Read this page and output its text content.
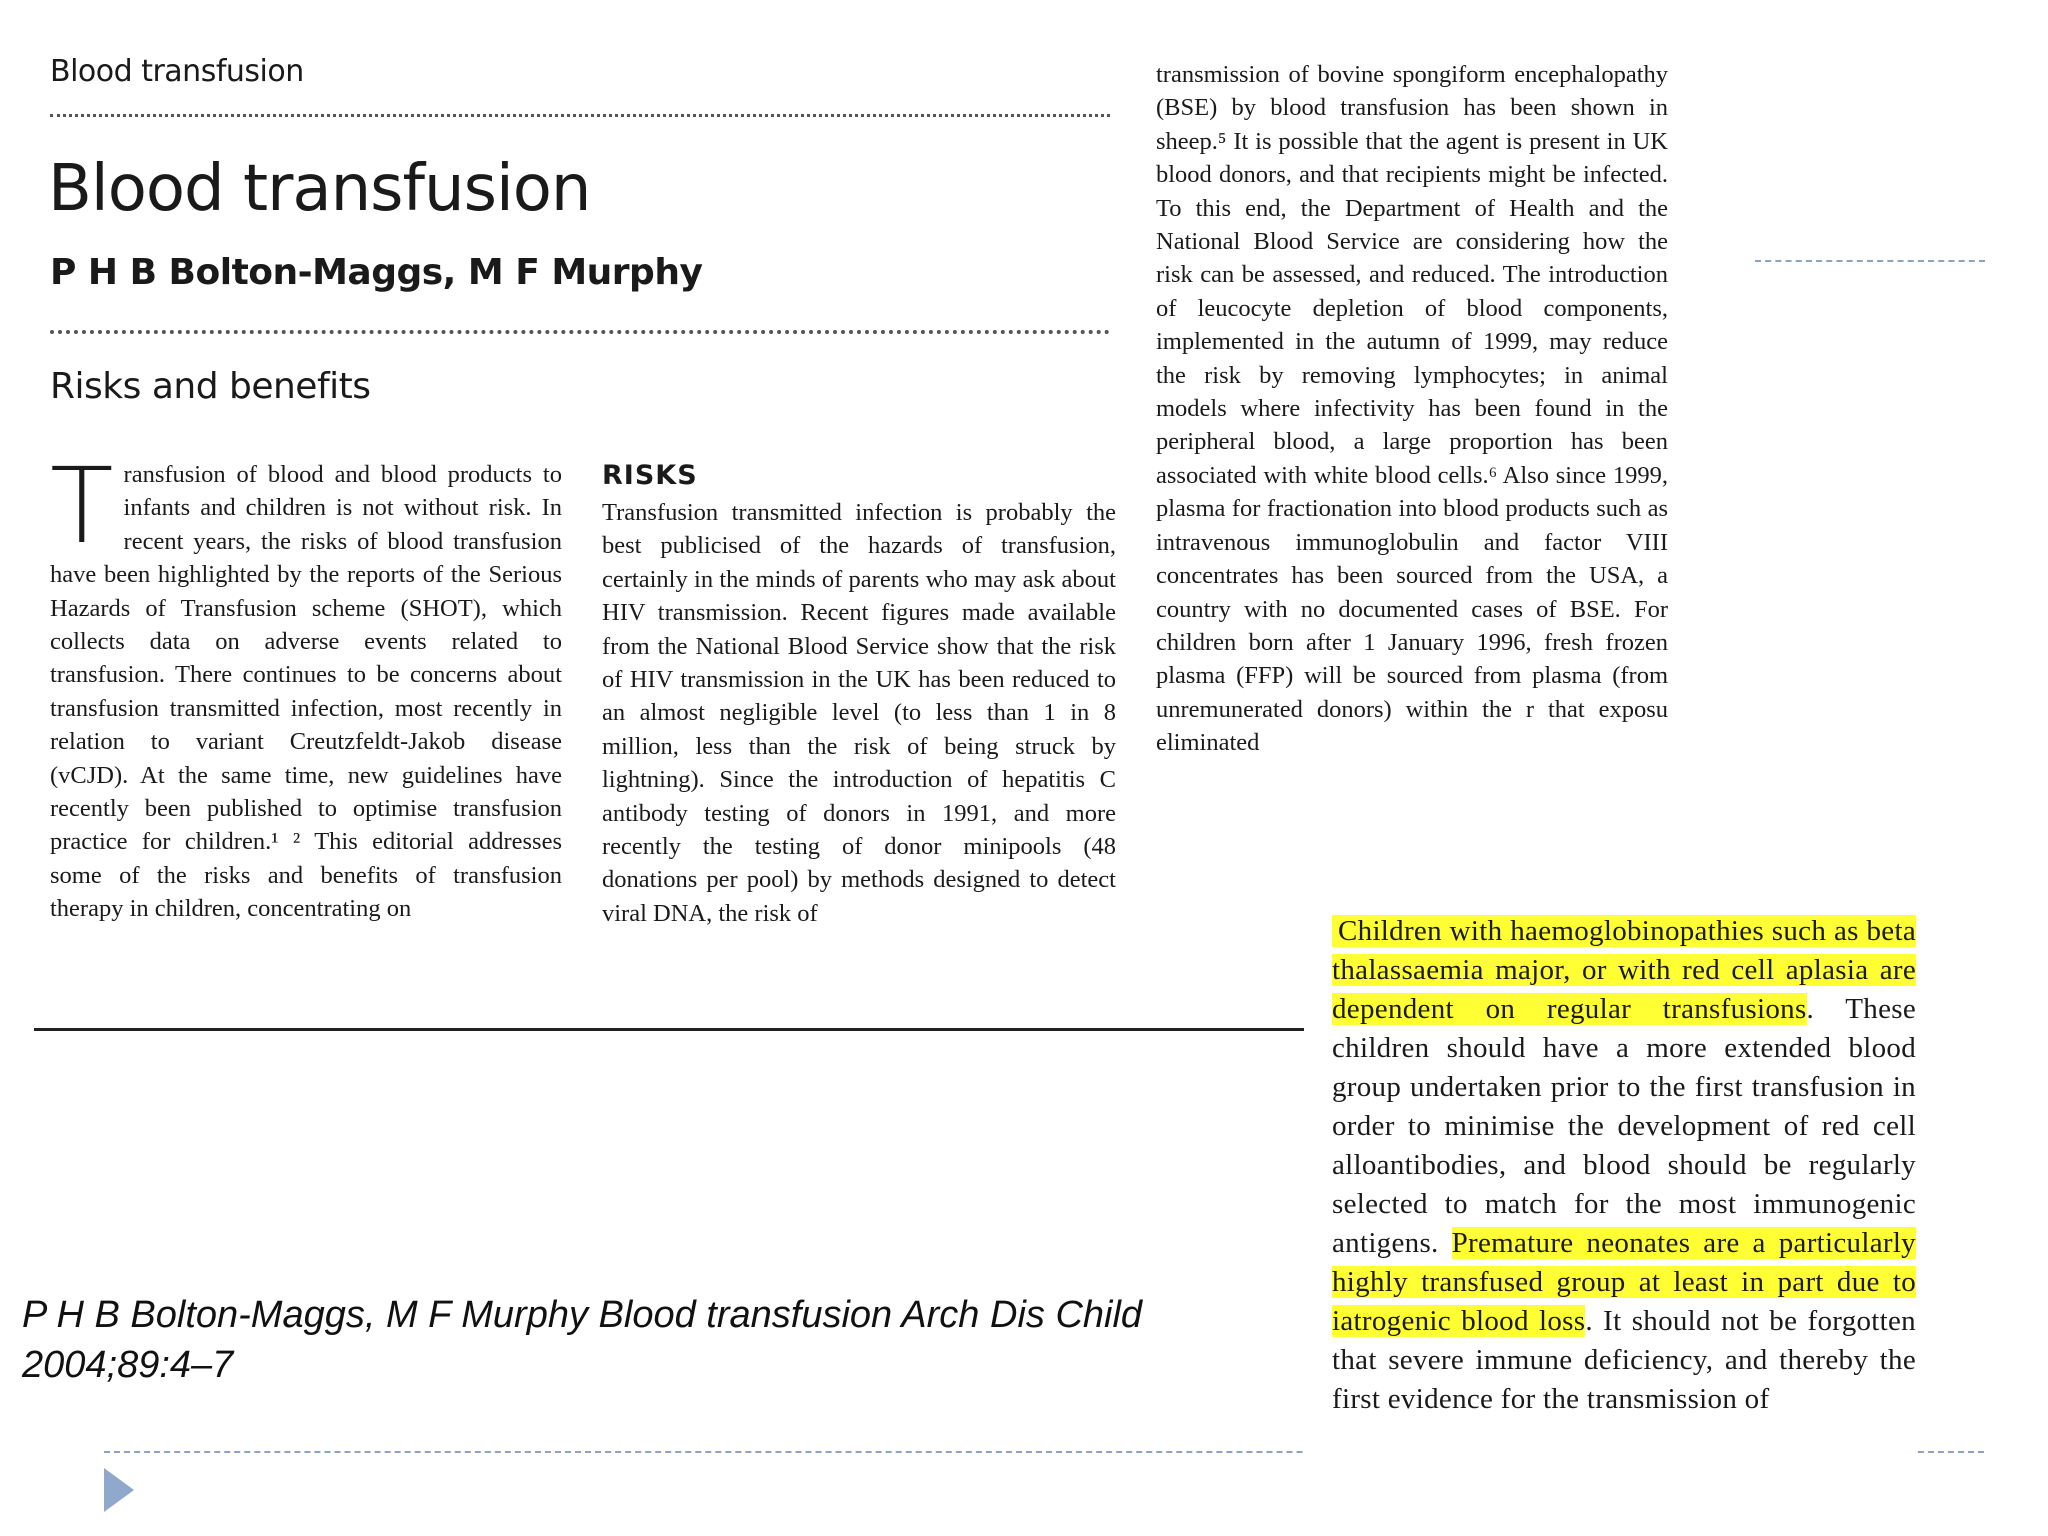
Blood transfusion
Blood transfusion
P H B Bolton-Maggs, M F Murphy
Risks and benefits
T ransfusion of blood and blood products to infants and children is not without risk. In recent years, the risks of blood transfusion have been highlighted by the reports of the Serious Hazards of Transfusion scheme (SHOT), which collects data on adverse events related to transfusion. There continues to be concerns about transfusion transmitted infection, most recently in relation to variant Creutzfeldt-Jakob disease (vCJD). At the same time, new guidelines have recently been published to optimise transfusion practice for children.¹ ² This editorial addresses some of the risks and benefits of transfusion therapy in children, concentrating on
RISKS
Transfusion transmitted infection is probably the best publicised of the hazards of transfusion, certainly in the minds of parents who may ask about HIV transmission. Recent figures made available from the National Blood Service show that the risk of HIV transmission in the UK has been reduced to an almost negligible level (to less than 1 in 8 million, less than the risk of being struck by lightning). Since the introduction of hepatitis C antibody testing of donors in 1991, and more recently the testing of donor minipools (48 donations per pool) by methods designed to detect viral DNA, the risk of
transmission of bovine spongiform encephalopathy (BSE) by blood transfusion has been shown in sheep.⁵ It is possible that the agent is present in UK blood donors, and that recipients might be infected. To this end, the Department of Health and the National Blood Service are considering how the risk can be assessed, and reduced. The introduction of leucocyte depletion of blood components, implemented in the autumn of 1999, may reduce the risk by removing lymphocytes; in animal models where infectivity has been found in the peripheral blood, a large proportion has been associated with white blood cells.⁶ Also since 1999, plasma for fractionation into blood products such as intravenous immunoglobulin and factor VIII concentrates has been sourced from the USA, a country with no documented cases of BSE. For children born after 1 January 1996, fresh frozen plasma (FFP) will be sourced from plasma (from unremunerated donors) within the r that exposu eliminated
Children with haemoglobinopathies such as beta thalassaemia major, or with red cell aplasia are dependent on regular transfusions. These children should have a more extended blood group undertaken prior to the first transfusion in order to minimise the development of red cell alloantibodies, and blood should be regularly selected to match for the most immunogenic antigens. Premature neonates are a particularly highly transfused group at least in part due to iatrogenic blood loss. It should not be forgotten that severe immune deficiency, and thereby the first evidence for the transmission of
P H B Bolton-Maggs, M F Murphy Blood transfusion Arch Dis Child
2004;89:4–7
